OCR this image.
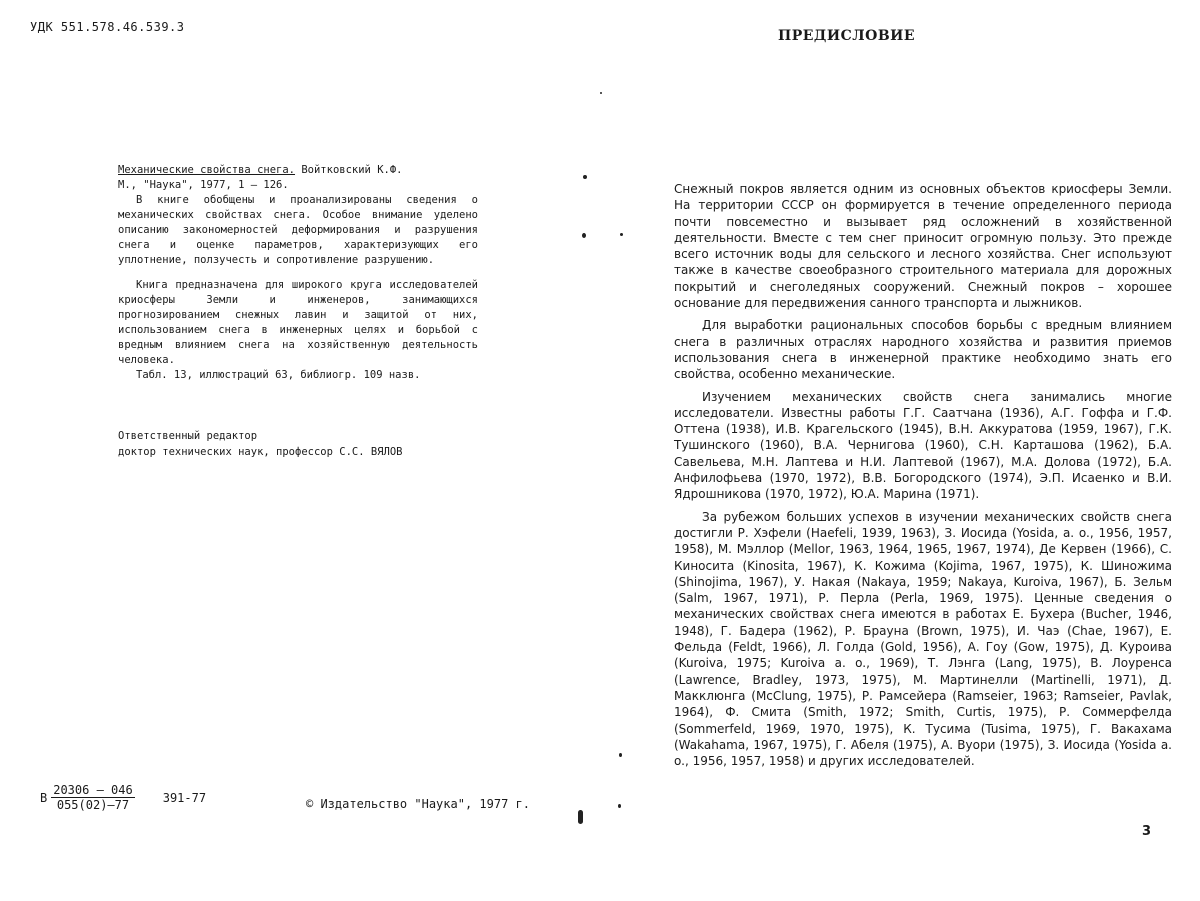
УДК 551.578.46.539.3
ПРЕДИСЛОВИЕ

Механические свойства снега. Войтковский К.Ф.
М., "Наука", 1977, 1 – 126.

В книге обобщены и проанализированы сведения о механических свойствах снега. Особое внимание уделено описанию закономерностей деформирования и разрушения снега и оценке параметров, характеризующих его уплотнение, ползучесть и сопротивление разрушению.

Книга предназначена для широкого круга исследователей криосферы Земли и инженеров, занимающихся прогнозированием снежных лавин и защитой от них, использованием снега в инженерных целях и борьбой с вредным влиянием снега на хозяйственную деятельность человека.

Табл. 13, иллюстраций 63, библиогр. 109 назв.

Ответственный редактор
доктор технических наук, профессор С.С. ВЯЛОВ
В $\frac{20306 - 046}{055(02)-77} 391-77$	© Издательство "Наука", 1977 г.

Снежный покров является одним из основных объектов криосферы Земли. На территории СССР он формируется в течение определенного периода почти повсеместно и вызывает ряд осложнений в хозяйственной деятельности. Вместе с тем снег приносит огромную пользу. Это прежде всего источник воды для сельского и лесного хозяйства. Снег используют также в качестве своеобразного строительного материала для дорожных покрытий и снеголедяных сооружений. Снежный покров – хорошее основание для передвижения санного транспорта и лыжников.

Для выработки рациональных способов борьбы с вредным влиянием снега в различных отраслях народного хозяйства и развития приемов использования снега в инженерной практике необходимо знать его свойства, особенно механические.

Изучением механических свойств снега занимались многие исследователи. Известны работы Г.Г. Саатчана (1936), А.Г. Гоффа и Г.Ф. Оттена (1938), И.В. Крагельского (1945), В.Н. Аккуратова (1959, 1967), Г.К. Тушинского (1960), В.А. Чернигова (1960), С.Н. Карташова (1962), Б.А. Савельева, М.Н. Лаптева и Н.И. Лаптевой (1967), М.А. Долова (1972), Б.А. Анфилофьева (1970, 1972), В.В. Богородского (1974), Э.П. Исаенко и В.И. Ядрошникова (1970, 1972), Ю.А. Марина (1971).

За рубежом больших успехов в изучении механических свойств снега достигли Р. Хэфели (Haefeli, 1939, 1963), З. Иосида (Yosida, a. o., 1956, 1957, 1958), М. Мэллор (Mellor, 1963, 1964, 1965, 1967, 1974), Де Кервен (1966), С. Киносита (Kinosita, 1967), К. Кожима (Kojima, 1967, 1975), К. Шиножима (Shinojima, 1967), У. Накая (Nakaya, 1959; Nakaya, Kuroiva, 1967), Б. Зельм (Salm, 1967, 1971), Р. Перла (Perla, 1969, 1975). Ценные сведения о механических свойствах снега имеются в работах Е. Бухера (Bucher, 1946, 1948), Г. Бадера (1962), Р. Брауна (Brown, 1975), И. Чаэ (Chae, 1967), Е. Фельда (Feldt, 1966), Л. Голда (Gold, 1956), А. Гоу (Gow, 1975), Д. Куроива (Kuroiva, 1975; Kuroiva a. o., 1969), Т. Лэнга (Lang, 1975), В. Лоуренса (Lawrence, Bradley, 1973, 1975), М. Мартинелли (Martinelli, 1971), Д. Макклюнга (McClung, 1975), Р. Рамсейера (Ramseier, 1963; Ramseier, Pavlak, 1964), Ф. Смита (Smith, 1972; Smith, Curtis, 1975), Р. Соммерфелда (Sommerfeld, 1969, 1970, 1975), К. Тусима (Tusima, 1975), Г. Вакахама (Wakahama, 1967, 1975), Г. Абеля (1975), А. Вуори (1975), З. Иосида (Yosida a. o., 1956, 1957, 1958) и других исследователей.

3
